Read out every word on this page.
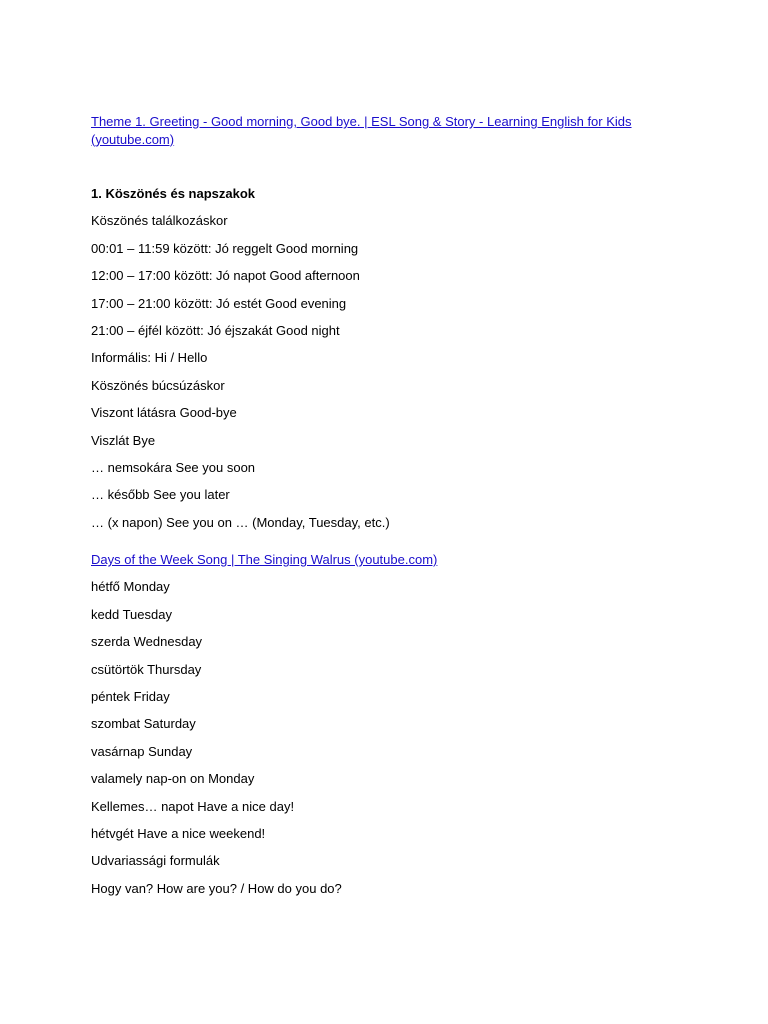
Theme 1. Greeting - Good morning, Good bye. | ESL Song & Story - Learning English for Kids
(youtube.com)
1. Köszönés és napszakok
Köszönés találkozáskor
00:01 – 11:59 között: Jó reggelt Good morning
12:00 – 17:00 között: Jó napot Good afternoon
17:00 – 21:00 között: Jó estét Good evening
21:00 – éjfél között: Jó éjszakát Good night
Informális: Hi / Hello
Köszönés búcsúzáskor
Viszont látásra Good-bye
Viszlát Bye
… nemsokára See you soon
… később See you later
… (x napon) See you on … (Monday, Tuesday, etc.)
Days of the Week Song | The Singing Walrus (youtube.com)
hétfő Monday
kedd Tuesday
szerda Wednesday
csütörtök Thursday
péntek Friday
szombat Saturday
vasárnap Sunday
valamely nap-on on Monday
Kellemes… napot Have a nice day!
hétvgét Have a nice weekend!
Udvariassági formulák
Hogy van? How are you? / How do you do?
